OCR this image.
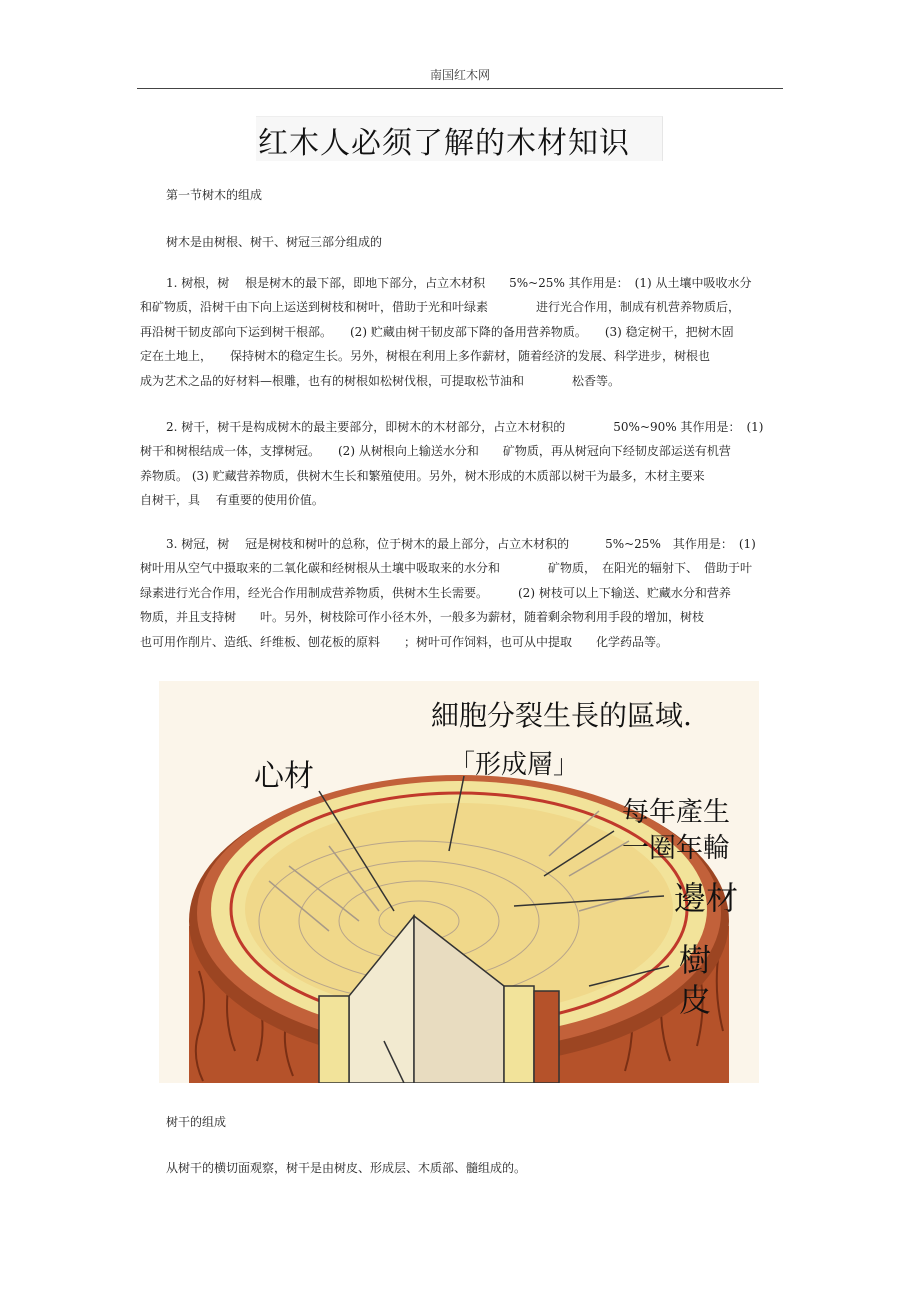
南国红木网
红木人必须了解的木材知识
第一节树木的组成
树木是由树根、树干、树冠三部分组成的
1. 树根，树　 根是树木的最下部，即地下部分，占立木材积　　5%~25% 其作用是：　(1) 从土壤中吸收水分
和矿物质，沿树干由下向上运送到树枝和树叶，借助于光和叶绿素　　　　进行光合作用，制成有机营养物质后，
再沿树干韧皮部向下运到树干根部。　　(2) 贮藏由树干韧皮部下降的备用营养物质。　　(3) 稳定树干，把树木固
定在土地上，　　保持树木的稳定生长。另外，树根在利用上多作薪材，随着经济的发展、科学进步，树根也
成为艺术之品的好材料—根雕，也有的树根如松树伐根，可提取松节油和　　　　松香等。
2. 树干，树干是构成树木的最主要部分，即树木的木材部分，占立木材积的　　　　50%~90% 其作用是：　(1)
树干和树根结成一体，支撑树冠。　　(2) 从树根向上输送水分和　　矿物质，再从树冠向下经韧皮部运送有机营
养物质。 (3) 贮藏营养物质，供树木生长和繁殖使用。另外，树木形成的木质部以树干为最多，木材主要来
自树干，具　 有重要的使用价值。
3. 树冠，树　 冠是树枝和树叶的总称，位于树木的最上部分，占立木材积的　　　5%~25%　其作用是：　(1)
树叶用从空气中摄取来的二氧化碳和经树根从土壤中吸取来的水分和　　　　矿物质，　在阳光的辐射下、　借助于叶
绿素进行光合作用，经光合作用制成营养物质，供树木生长需要。　　　(2) 树枝可以上下输送、贮藏水分和营养
物质，并且支持树　　叶。另外，树枝除可作小径木外，一般多为薪材，随着剩余物利用手段的增加，树枝
也可用作削片、造纸、纤维板、刨花板的原料　　；树叶可作饲料，也可从中提取　　化学药品等。
心材
細胞分裂生長的區域.
「形成層」
每年產生
一圈年輪
邊材
樹
皮
树干的组成
从树干的横切面观察，树干是由树皮、形成层、木质部、髓组成的。
